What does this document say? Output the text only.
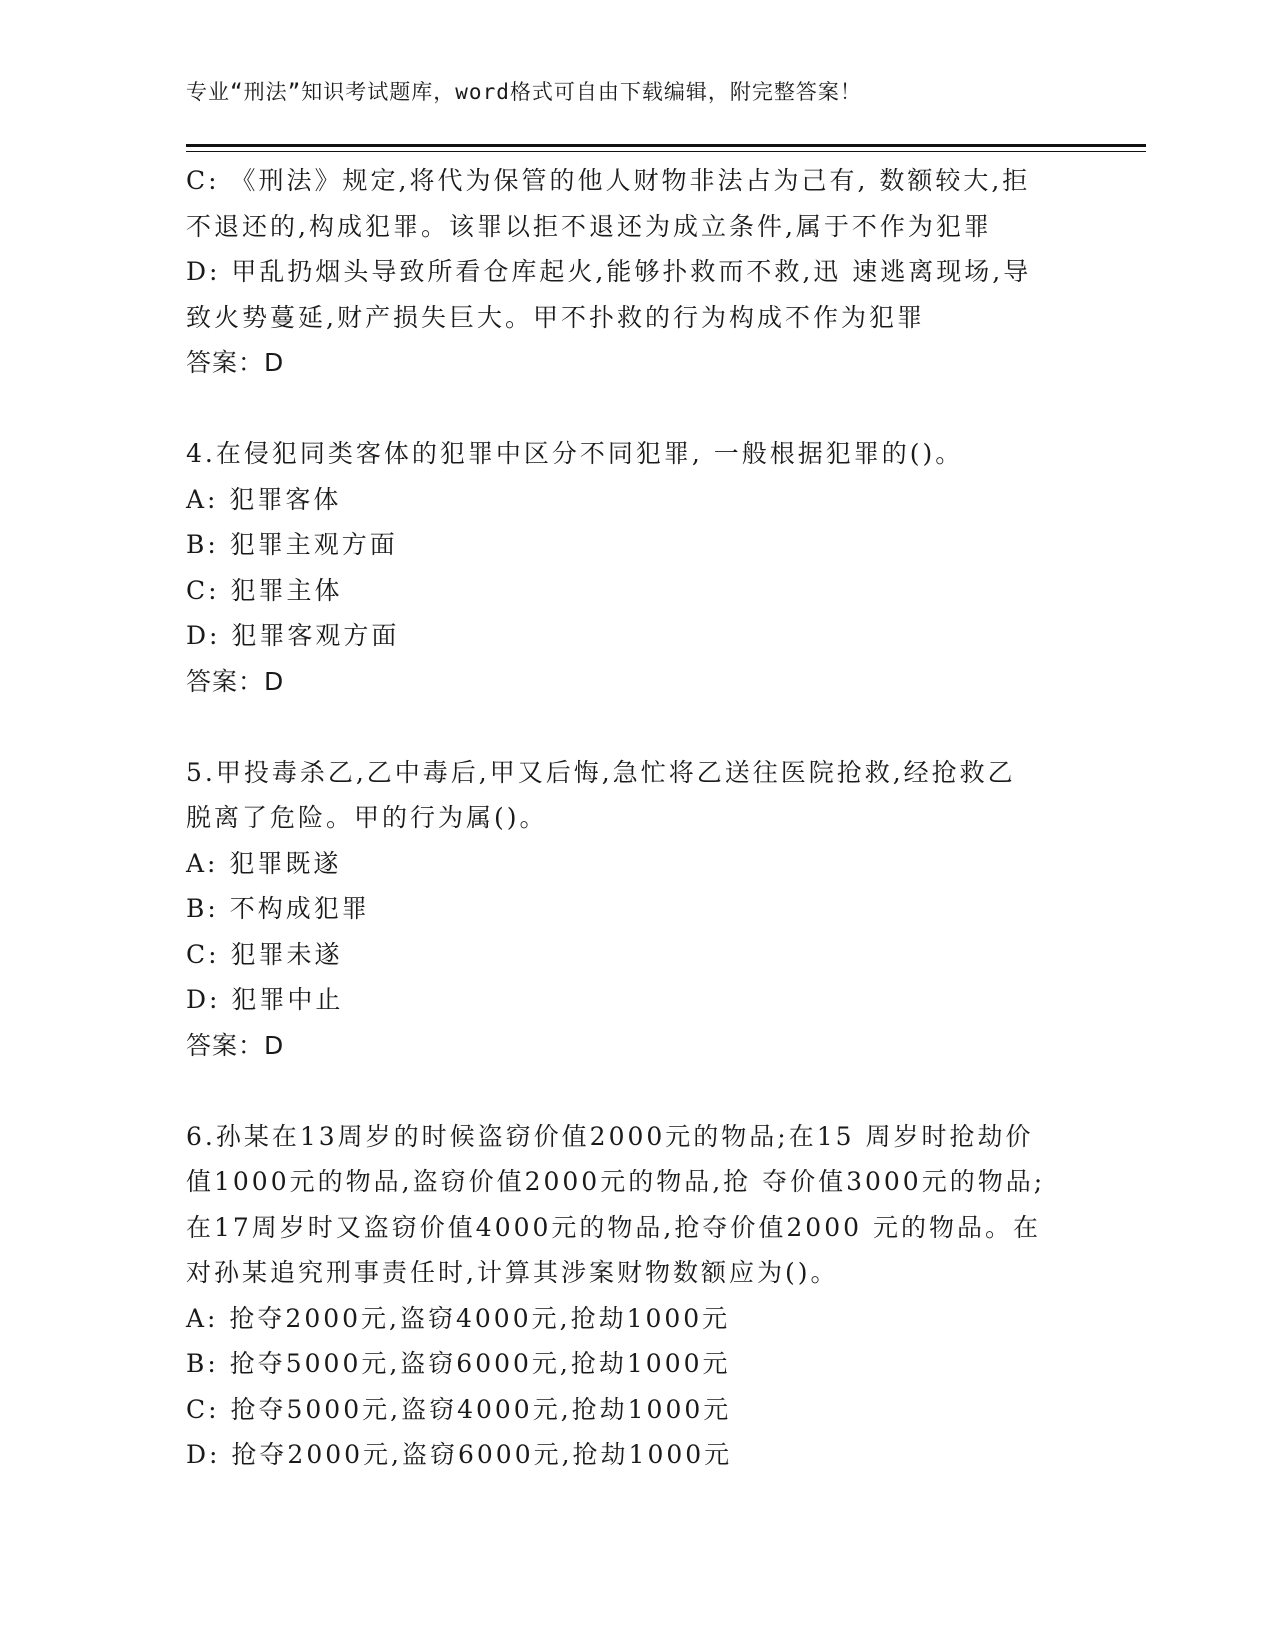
专业“刑法”知识考试题库，word格式可自由下载编辑，附完整答案！
C: 《刑法》规定,将代为保管的他人财物非法占为己有, 数额较大,拒
不退还的,构成犯罪。该罪以拒不退还为成立条件,属于不作为犯罪
D: 甲乱扔烟头导致所看仓库起火,能够扑救而不救,迅 速逃离现场,导
致火势蔓延,财产损失巨大。甲不扑救的行为构成不作为犯罪
答案：D
4.在侵犯同类客体的犯罪中区分不同犯罪, 一般根据犯罪的()。
A: 犯罪客体
B: 犯罪主观方面
C: 犯罪主体
D: 犯罪客观方面
答案：D
5.甲投毒杀乙,乙中毒后,甲又后悔,急忙将乙送往医院抢救,经抢救乙
脱离了危险。甲的行为属()。
A: 犯罪既遂
B: 不构成犯罪
C: 犯罪未遂
D: 犯罪中止
答案：D
6.孙某在13周岁的时候盗窃价值2000元的物品;在15 周岁时抢劫价
值1000元的物品,盗窃价值2000元的物品,抢 夺价值3000元的物品;
在17周岁时又盗窃价值4000元的物品,抢夺价值2000 元的物品。在
对孙某追究刑事责任时,计算其涉案财物数额应为()。
A: 抢夺2000元,盗窃4000元,抢劫1000元
B: 抢夺5000元,盗窃6000元,抢劫1000元
C: 抢夺5000元,盗窃4000元,抢劫1000元
D: 抢夺2000元,盗窃6000元,抢劫1000元
